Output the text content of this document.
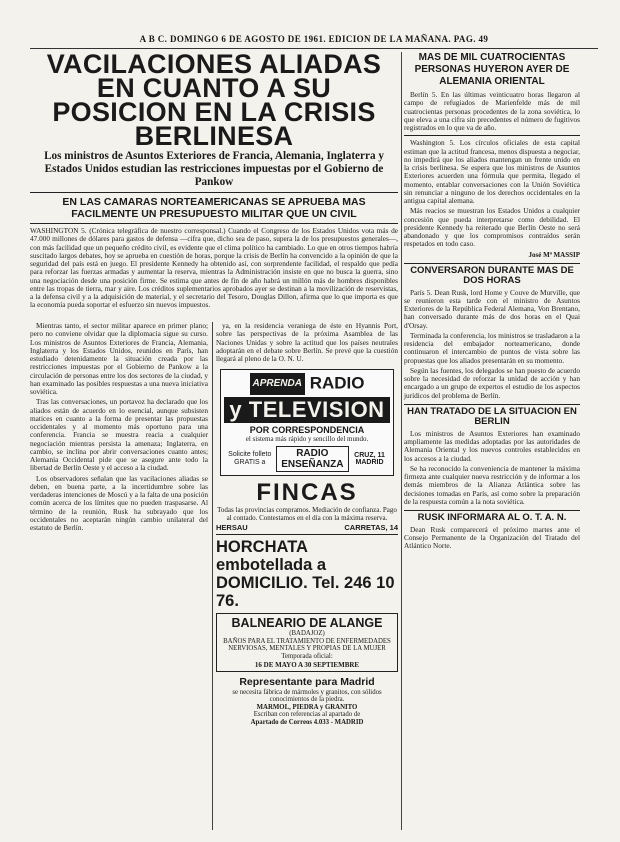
A B C. DOMINGO 6 DE AGOSTO DE 1961. EDICION DE LA MAÑANA. PAG. 49
VACILACIONES ALIADAS EN CUANTO A SU POSICION EN LA CRISIS BERLINESA

Los ministros de Asuntos Exteriores de Francia, Alemania, Inglaterra y Estados Unidos estudian las restricciones impuestas por el Gobierno de Pankow

EN LAS CAMARAS NORTEAMERICANAS SE APRUEBA MAS FACILMENTE UN PRESUPUESTO MILITAR QUE UN CIVIL

WASHINGTON 5. (Crónica telegráfica de nuestro corresponsal.) Cuando el Congreso de los Estados Unidos vota más de 47.000 millones de dólares para gastos de defensa —cifra que, dicho sea de paso, supera la de los presupuestos generales—, con más facilidad que un pequeño crédito civil, es evidente que el clima político ha cambiado. Lo que en otros tiempos habría suscitado largos debates, hoy se aprueba en cuestión de horas, porque la crisis de Berlín ha convencido a la opinión de que la seguridad del país está en juego. El presidente Kennedy ha obtenido así, con sorprendente facilidad, el respaldo que pedía para reforzar las fuerzas armadas y aumentar la reserva, mientras la Administración insiste en que no busca la guerra, sino una negociación desde una posición firme. Se estima que antes de fin de año habrá un millón más de hombres disponibles entre las tropas de tierra, mar y aire. Los créditos suplementarios aprobados ayer se destinan a la movilización de reservistas, a la defensa civil y a la adquisición de material, y el secretario del Tesoro, Douglas Dillon, afirma que lo que importa es que la economía pueda soportar el esfuerzo sin nuevos impuestos.

Mientras tanto, el sector militar aparece en primer plano; pero no conviene olvidar que la diplomacia sigue su curso. Los ministros de Asuntos Exteriores de Francia, Alemania, Inglaterra y los Estados Unidos, reunidos en París, han estudiado detenidamente la situación creada por las restricciones impuestas por el Gobierno de Pankow a la circulación de personas entre los dos sectores de la ciudad, y han examinado las posibles respuestas a una nueva iniciativa soviética.

Tras las conversaciones, un portavoz ha declarado que los aliados están de acuerdo en lo esencial, aunque subsisten matices en cuanto a la forma de presentar las propuestas occidentales y al momento más oportuno para una conferencia. Francia se muestra reacia a cualquier negociación mientras persista la amenaza; Inglaterra, en cambio, se inclina por abrir conversaciones cuanto antes; Alemania Occidental pide que se asegure ante todo la libertad de Berlín Oeste y el acceso a la ciudad.

Los observadores señalan que las vacilaciones aliadas se deben, en buena parte, a la incertidumbre sobre las verdaderas intenciones de Moscú y a la falta de una posición común acerca de los límites que no pueden traspasarse. Al término de la reunión, Rusk ha subrayado que los occidentales no aceptarán ningún cambio unilateral del estatuto de Berlín.

ya, en la residencia veraniega de éste en Hyannis Port, sobre las perspectivas de la próxima Asamblea de las Naciones Unidas y sobre la actitud que los países neutrales adoptarán en el debate sobre Berlín. Se prevé que la cuestión llegará al pleno de la O. N. U.

APRENDA RADIO
y TELEVISION
POR CORRESPONDENCIA
el sistema más rápido y sencillo del mundo.
Solicite folleto GRATIS a
RADIO ENSEÑANZA
CRUZ, 11 MADRID
FINCAS

Todas las provincias compramos. Mediación de confianza. Pago al contado. Contestamos en el día con la máxima reserva.

HERSAU	CARRETAS, 14
HORCHATA embotellada a DOMICILIO. Tel. 246 10 76.
BALNEARIO DE ALANGE
(BADAJOZ)
BAÑOS PARA EL TRATAMIENTO DE ENFERMEDADES NERVIOSAS, MENTALES Y PROPIAS DE LA MUJER
Temporada oficial:
16 DE MAYO A 30 SEPTIEMBRE
Representante para Madrid

se necesita fábrica de mármoles y granitos, con sólidos conocimientos de la piedra.

MARMOL, PIEDRA y GRANITO

Escriban con referencias al apartado de

Apartado de Correos 4.033 - MADRID

MAS DE MIL CUATROCIENTAS PERSONAS HUYERON AYER DE ALEMANIA ORIENTAL

Berlín 5. En las últimas veinticuatro horas llegaron al campo de refugiados de Marienfelde más de mil cuatrocientas personas procedentes de la zona soviética, lo que eleva a una cifra sin precedentes el número de fugitivos registrados en lo que va de año.

Washington 5. Los círculos oficiales de esta capital estiman que la actitud francesa, menos dispuesta a negociar, no impedirá que los aliados mantengan un frente unido en la crisis berlinesa. Se espera que los ministros de Asuntos Exteriores acuerden una fórmula que permita, llegado el momento, entablar conversaciones con la Unión Soviética sin renunciar a ninguno de los derechos occidentales en la antigua capital alemana.

Más reacios se muestran los Estados Unidos a cualquier concesión que pueda interpretarse como debilidad. El presidente Kennedy ha reiterado que Berlín Oeste no será abandonado y que los compromisos contraídos serán respetados en todo caso.

José Mª MASSIP
CONVERSARON DURANTE MAS DE DOS HORAS

París 5. Dean Rusk, lord Home y Couve de Murville, que se reunieron esta tarde con el ministro de Asuntos Exteriores de la República Federal Alemana, Von Brentano, han conversado durante más de dos horas en el Quai d'Orsay.

Terminada la conferencia, los ministros se trasladaron a la residencia del embajador norteamericano, donde continuaron el intercambio de puntos de vista sobre las propuestas que los aliados presentarán en su momento.

Según las fuentes, los delegados se han puesto de acuerdo sobre la necesidad de reforzar la unidad de acción y han encargado a un grupo de expertos el estudio de los aspectos jurídicos del problema de Berlín.

HAN TRATADO DE LA SITUACION EN BERLIN

Los ministros de Asuntos Exteriores han examinado ampliamente las medidas adoptadas por las autoridades de Alemania Oriental y los nuevos controles establecidos en los accesos a la ciudad.

Se ha reconocido la conveniencia de mantener la máxima firmeza ante cualquier nueva restricción y de informar a los demás miembros de la Alianza Atlántica sobre las decisiones tomadas en París, así como sobre la preparación de la respuesta común a la nota soviética.

RUSK INFORMARA AL O. T. A. N.

Dean Rusk comparecerá el próximo martes ante el Consejo Permanente de la Organización del Tratado del Atlántico Norte.
